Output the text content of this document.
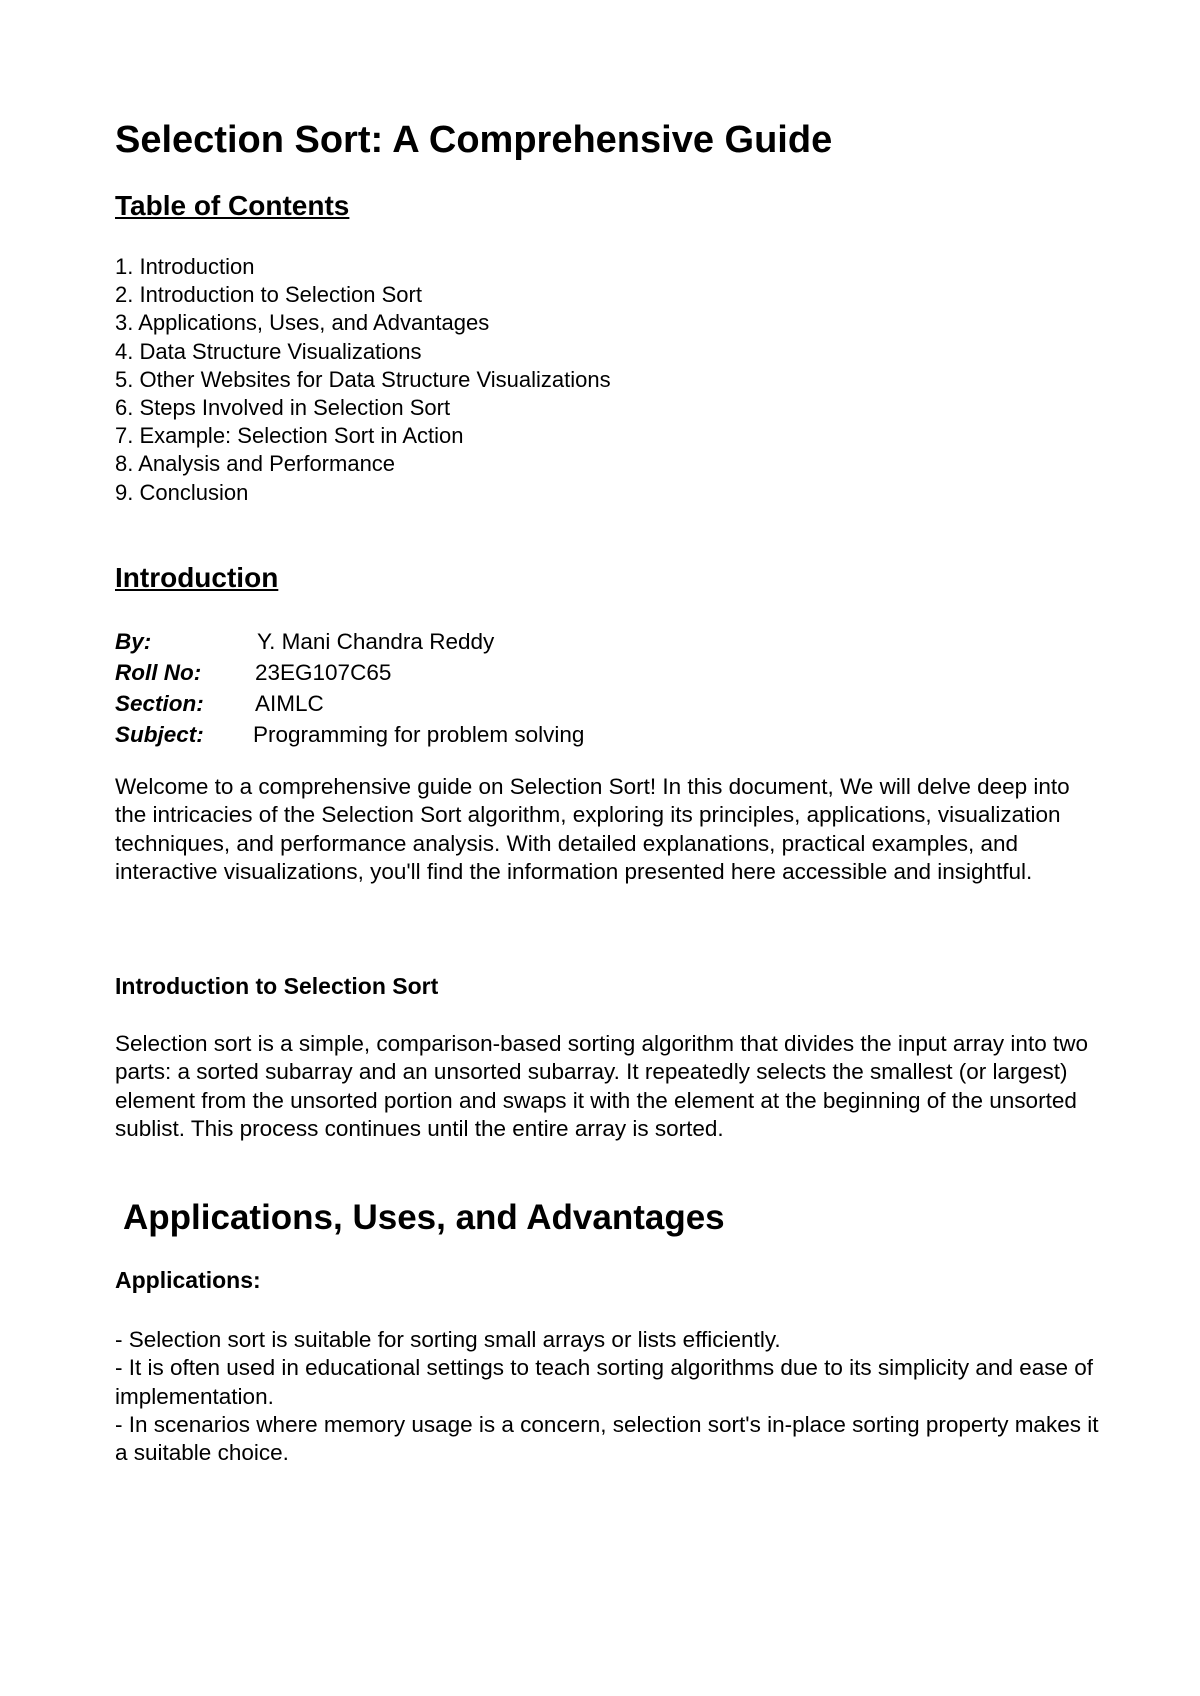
Selection Sort: A Comprehensive Guide
Table of Contents
1. Introduction
2. Introduction to Selection Sort
3. Applications, Uses, and Advantages
4. Data Structure Visualizations
5. Other Websites for Data Structure Visualizations
6. Steps Involved in Selection Sort
7. Example: Selection Sort in Action
8. Analysis and Performance
9. Conclusion
Introduction
By:	Y. Mani Chandra Reddy
Roll No: 23EG107C65
Section: AIMLC
Subject: Programming for problem solving

Welcome to a comprehensive guide on Selection Sort! In this document, We will delve deep into the intricacies of the Selection Sort algorithm, exploring its principles, applications, visualization techniques, and performance analysis. With detailed explanations, practical examples, and interactive visualizations, you'll find the information presented here accessible and insightful.

Introduction to Selection Sort

Selection sort is a simple, comparison-based sorting algorithm that divides the input array into two parts: a sorted subarray and an unsorted subarray. It repeatedly selects the smallest (or largest) element from the unsorted portion and swaps it with the element at the beginning of the unsorted sublist. This process continues until the entire array is sorted.

Applications, Uses, and Advantages
Applications:
- Selection sort is suitable for sorting small arrays or lists efficiently.
- It is often used in educational settings to teach sorting algorithms due to its simplicity and ease of implementation.
- In scenarios where memory usage is a concern, selection sort's in-place sorting property makes it a suitable choice.
